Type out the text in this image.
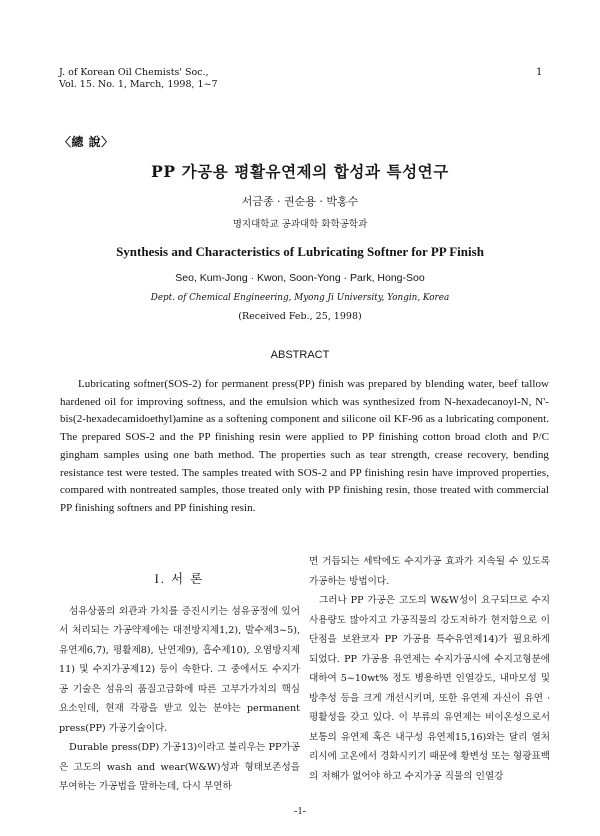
J. of Korean Oil Chemists' Soc.,
Vol. 15. No. 1, March, 1998, 1~7
1
〈總 說〉
PP 가공용 평활유연제의 합성과 특성연구
서금종 · 권순용 · 박홍수
명지대학교 공과대학 화학공학과
Synthesis and Characteristics of Lubricating Softner for PP Finish
Seo, Kum-Jong · Kwon, Soon-Yong · Park, Hong-Soo
Dept. of Chemical Engineering, Myong Ji University, Yongin, Korea
(Received Feb., 25, 1998)
ABSTRACT

Lubricating softner(SOS-2) for permanent press(PP) finish was prepared by blending water, beef tallow hardened oil for improving softness, and the emulsion which was synthesized from N-hexadecanoyl-N, N'-bis(2-hexadecamidoethyl)amine as a softening component and silicone oil KF-96 as a lubricating component. The prepared SOS-2 and the PP finishing resin were applied to PP finishing cotton broad cloth and P/C gingham samples using one bath method. The properties such as tear strength, crease recovery, bending resistance test were tested. The samples treated with SOS-2 and PP finishing resin have improved properties, compared with nontreated samples, those treated only with PP finishing resin, those treated with commercial PP finishing softners and PP finishing resin.

I. 서 론

섬유상품의 외관과 가치를 증진시키는 섬유공정에 있어서 처리되는 가공약제에는 대전방지제1,2), 발수제3~5), 유연제6,7), 평활제8), 난연제9), 흡수제10), 오염방지제11) 및 수지가공제12) 등이 속한다. 그 중에서도 수지가공 기술은 섬유의 품질고급화에 따른 고부가가치의 핵심 요소인데, 현재 각광을 받고 있는 분야는 permanent press(PP) 가공기술이다.

Durable press(DP) 가공13)이라고 불리우는 PP가공은 고도의 wash and wear(W&W)성과 형태보존성을 부여하는 가공법을 말하는데, 다시 부연하

면 거듭되는 세탁에도 수지가공 효과가 지속될 수 있도록 가공하는 방법이다.

그러나 PP 가공은 고도의 W&W성이 요구되므로 수지 사용량도 많아지고 가공직물의 강도저하가 현저함으로 이 단점을 보완코자 PP 가공용 특수유연제14)가 필요하게 되었다. PP 가공용 유연제는 수지가공시에 수지고형분에 대하여 5~10wt% 정도 병용하면 인열강도, 내마모성 및 방추성 등을 크게 개선시키며, 또한 유연제 자신이 유연 · 평활성을 갖고 있다. 이 부류의 유연제는 비이온성으로서 보통의 유연제 혹은 내구성 유연제15,16)와는 달리 열처리시에 고온에서 경화시키기 때문에 황변성 또는 형광표백의 저해가 없어야 하고 수지가공 직물의 인열강

-1-
